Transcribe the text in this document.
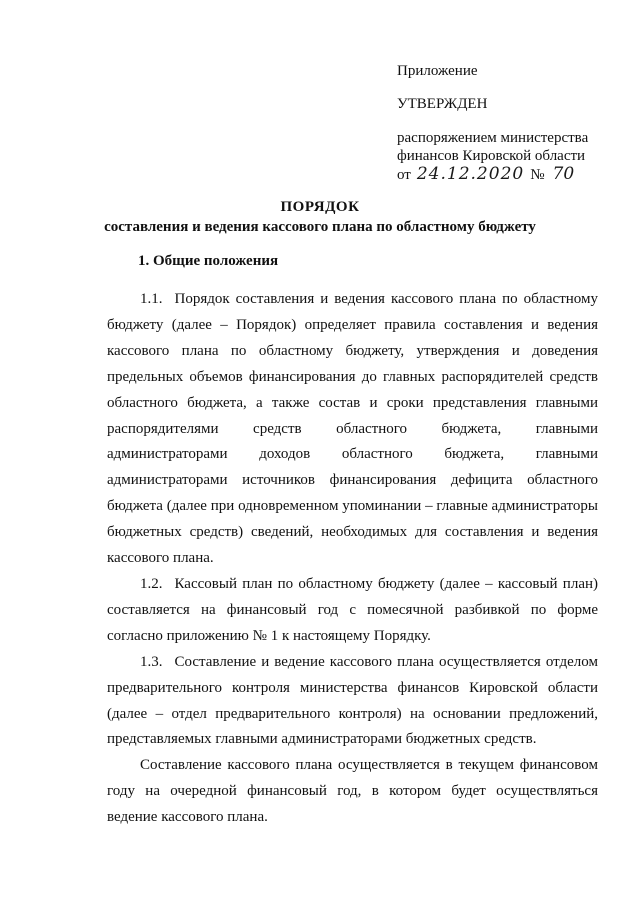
Приложение
УТВЕРЖДЕН
распоряжением министерства
финансов Кировской области
от 24.12.2020 № 70
ПОРЯДОК
составления и ведения кассового плана по областному бюджету
1. Общие положения

1.1. Порядок составления и ведения кассового плана по областному бюджету (далее – Порядок) определяет правила составления и ведения кассового плана по областному бюджету, утверждения и доведения предельных объемов финансирования до главных распорядителей средств областного бюджета, а также состав и сроки представления главными распорядителями средств областного бюджета, главными администраторами доходов областного бюджета, главными администраторами источников финансирования дефицита областного бюджета (далее при одновременном упоминании – главные администраторы бюджетных средств) сведений, необходимых для составления и ведения кассового плана.

1.2. Кассовый план по областному бюджету (далее – кассовый план) составляется на финансовый год с помесячной разбивкой по форме согласно приложению № 1 к настоящему Порядку.

1.3. Составление и ведение кассового плана осуществляется отделом предварительного контроля министерства финансов Кировской области (далее – отдел предварительного контроля) на основании предложений, представляемых главными администраторами бюджетных средств.

Составление кассового плана осуществляется в текущем финансовом году на очередной финансовый год, в котором будет осуществляться ведение кассового плана.
